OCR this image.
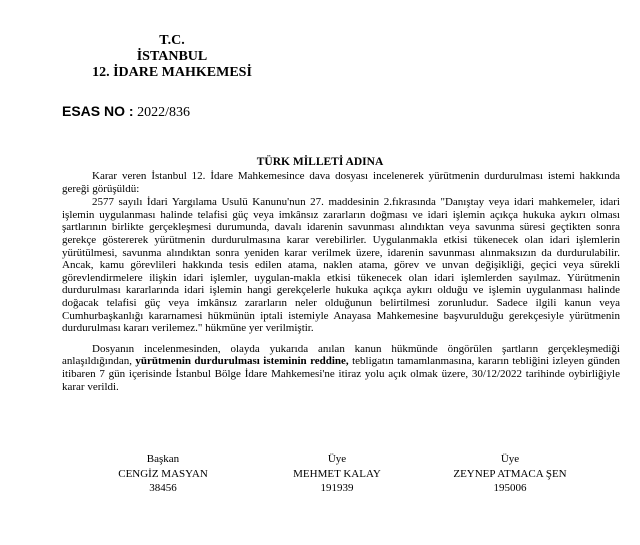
T.C.
İSTANBUL
12. İDARE MAHKEMESİ
ESAS NO : 2022/836
TÜRK MİLLETİ ADINA

Karar veren İstanbul 12. İdare Mahkemesince dava dosyası incelenerek yürütmenin durdurulması istemi hakkında gereği görüşüldü:

2577 sayılı İdari Yargılama Usulü Kanunu'nun 27. maddesinin 2.fıkrasında "Danıştay veya idari mahkemeler, idari işlemin uygulanması halinde telafisi güç veya imkânsız zararların doğması ve idari işlemin açıkça hukuka aykırı olması şartlarının birlikte gerçekleşmesi durumunda, davalı idarenin savunması alındıktan veya savunma süresi geçtikten sonra gerekçe göstererek yürütmenin durdurulmasına karar verebilirler. Uygulanmakla etkisi tükenecek olan idari işlemlerin yürütülmesi, savunma alındıktan sonra yeniden karar verilmek üzere, idarenin savunması alınmaksızın da durdurulabilir. Ancak, kamu görevlileri hakkında tesis edilen atama, naklen atama, görev ve unvan değişikliği, geçici veya sürekli görevlendirmelere ilişkin idari işlemler, uygulan-makla etkisi tükenecek olan idari işlemlerden sayılmaz. Yürütmenin durdurulması kararlarında idari işlemin hangi gerekçelerle hukuka açıkça aykırı olduğu ve işlemin uygulanması halinde doğacak telafisi güç veya imkânsız zararların neler olduğunun belirtilmesi zorunludur. Sadece ilgili kanun veya Cumhurbaşkanlığı kararnamesi hükmünün iptali istemiyle Anayasa Mahkemesine başvurulduğu gerekçesiyle yürütmenin durdurulması kararı verilemez." hükmüne yer verilmiştir.

Dosyanın incelenmesinden, olayda yukarıda anılan kanun hükmünde öngörülen şartların gerçekleşmediği anlaşıldığından, yürütmenin durdurulması isteminin reddine, tebligatın tamamlanmasına, kararın tebliğini izleyen günden itibaren 7 gün içerisinde İstanbul Bölge İdare Mahkemesi'ne itiraz yolu açık olmak üzere, 30/12/2022 tarihinde oybirliğiyle karar verildi.

Başkan
CENGİZ MASYAN
38456
Üye
MEHMET KALAY
191939
Üye
ZEYNEP ATMACA ŞEN
195006
